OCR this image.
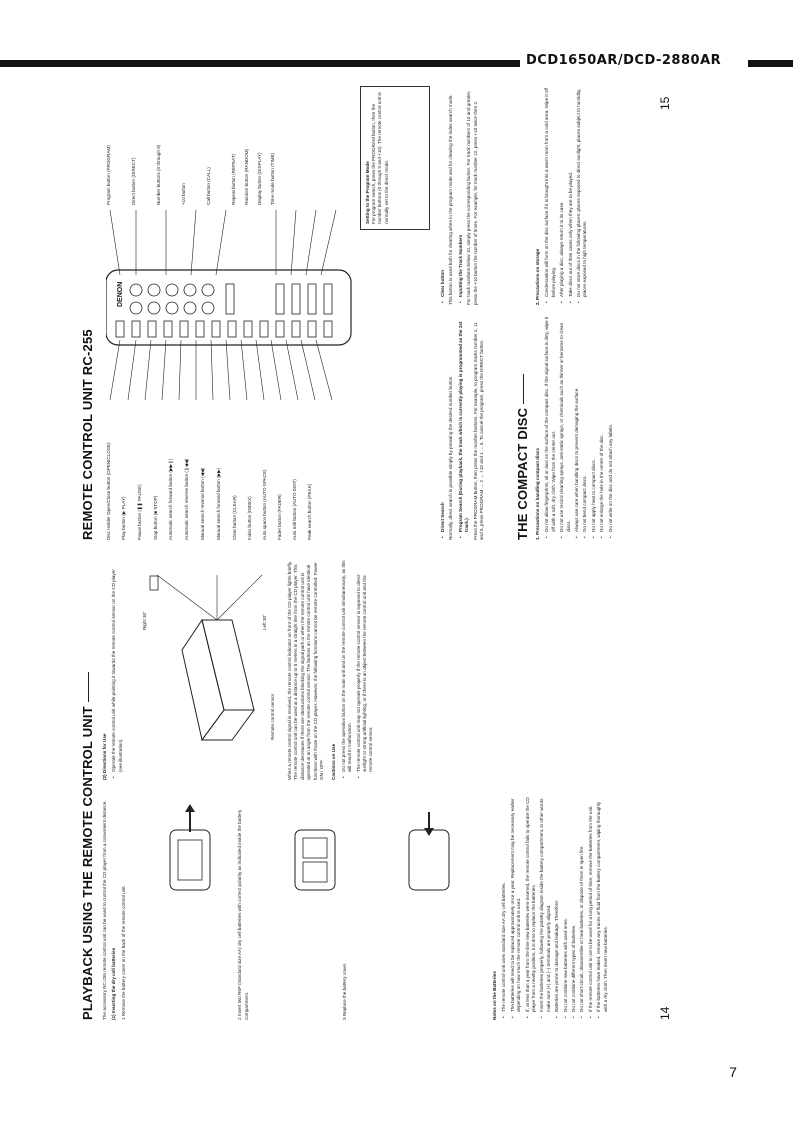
DCD1650AR/DCD-2880AR
PLAYBACK USING THE REMOTE CONTROL UNIT The accessory RC-255 remote control unit can be used to control the CD player from a convenient distance. (1) Inserting the dry cell batteries 1 Remove the battery cover on the back of the remote control unit.	2 Insert two R6P (standard size AA) dry cell batteries with correct polarity as indicated inside the battery compartment.	3 Replace the battery cover.	Notes on the Batteries • The remote control unit uses standard size AA dry cell batteries. • The batteries will need to be replaced approximately once a year. Replacement may be necessary earlier depending on how much the remote control unit is used. • If, at less than a year from the time new batteries were inserted, the remote control fails to operate the CD player from a nearby position, it is time to replace the batteries. • Insert the batteries properly, following the polarity diagram inside the battery compartment, in other words make sure (+) and (−) terminals are properly aligned. • Batteries are prone to damage and leakage. Therefore: • Do not combine new batteries with used ones. • Do not combine different types of batteries. • Do not short-circuit, disassemble or heat batteries, or dispose of them in open fire. • If the remote control unit is not to be used for a long period of time, remove the batteries from the unit. • If the batteries have leaked, remove any traces of fluid from the battery compartment, wiping thoroughly with a dry cloth. Then insert new batteries.
(2) Directions for Use • Operate the remote control unit while pointing it towards the remote control sensor on the CD player (see illustration).
Right 30°	Left 30°
Remote control sensor	When a remote control signal is received, the remote control indicator on front of the CD player lights briefly. The remote control unit can be used at a distance up to 8 meters in a straight line from the CD player. This distance decreases if there are obstructions blocking the signal path or when the remote control unit is operated at an angle from the remote control sensor. The buttons on the remote control unit have identical functions with those on the CD player. However, the following functions cannot be remote controlled: Power ON / OFF.	Cautions on Use • Do not press the operation button on the main unit and on the remote control unit simultaneously, as this will result in malfunction. • The remote control unit may not operate properly if the remote control sensor is exposed to direct sunlight or strong artificial lighting, or if there is an object between the remote control unit and the remote control sensor.
14
REMOTE CONTROL UNIT RC-255 Disc Holder Open/Close button (OPEN/CLOSE) Play button (▶ PLAY) Pause button (❚❚ PAUSE) Stop button (■ STOP) Automatic search forward button (▶▶❙) Automatic search reverse button (❙◀◀) Manual search reverse button (◀◀) Manual search forward button (▶▶) Clear button (CLEAR) Index button (INDEX) Auto space button (AUTO SPACE) Fader button (FADER) Auto edit button (AUTO EDIT) Peak search button (PEAK)
DENON
Program button (PROGRAM)	Direct button (DIRECT)	Number buttons (0 through 9)	+10 button	Call button (CALL)	Repeat button (REPEAT) Random button (RANDOM) Display button (DISPLAY) Time mode button (TIME)	Setting to the Program Mode For program search, press the PROGRAM button, then the number buttons (0 through 9 and +10). The remote control unit is normally set to the direct mode.
• Direct Search Normally, direct search is possible simply by pressing the desired number button. • Program Search (During playback, the track which is currently playing is programmed as the 1st track.) Press the PROGRAM button, then press the number buttons. For example, to program tracks number 2, 11 and 5, press PROGRAM → 2 → +10 and 1 → 5. To cancel the program, press the DIRECT button.
• Clear button This button is used both for clearing when in the program mode and for clearing the index search mode. • Inputting the Track Numbers For track numbers below 10, simply press the corresponding button. For track numbers of 10 and greater, press the +10 button the number of times. For example, for track number 22, press +10 twice then 2.
THE COMPACT DISC 1. Precautions on handling compact discs • Do not allow fingerprints, oil or dust on the surface of the compact disc. If the signal surface is dirty, wipe it off with a soft, dry cloth. Wipe from the center out. • Do not use record cleaning sprays, anti-static sprays, or chemicals such as thinner or benzene to clean discs. • Always use care when handling discs to prevent damaging the surface. • Do not bend compact discs. • Do not apply heat to compact discs. • Do not enlarge the hole in the center of the disc. • Do not write on the disc and do not attach any labels.
2. Precautions on storage • Condensation will form on the disc surface if it is brought into a warm room from a cold area. Wipe it off before playing. • After playing a disc, always return it to its case. • Take discs out of their cases only when they are to be played. • Do not store discs in the following places: places exposed to direct sunlight, places subject to humidity, places exposed to high temperatures.
15
7
